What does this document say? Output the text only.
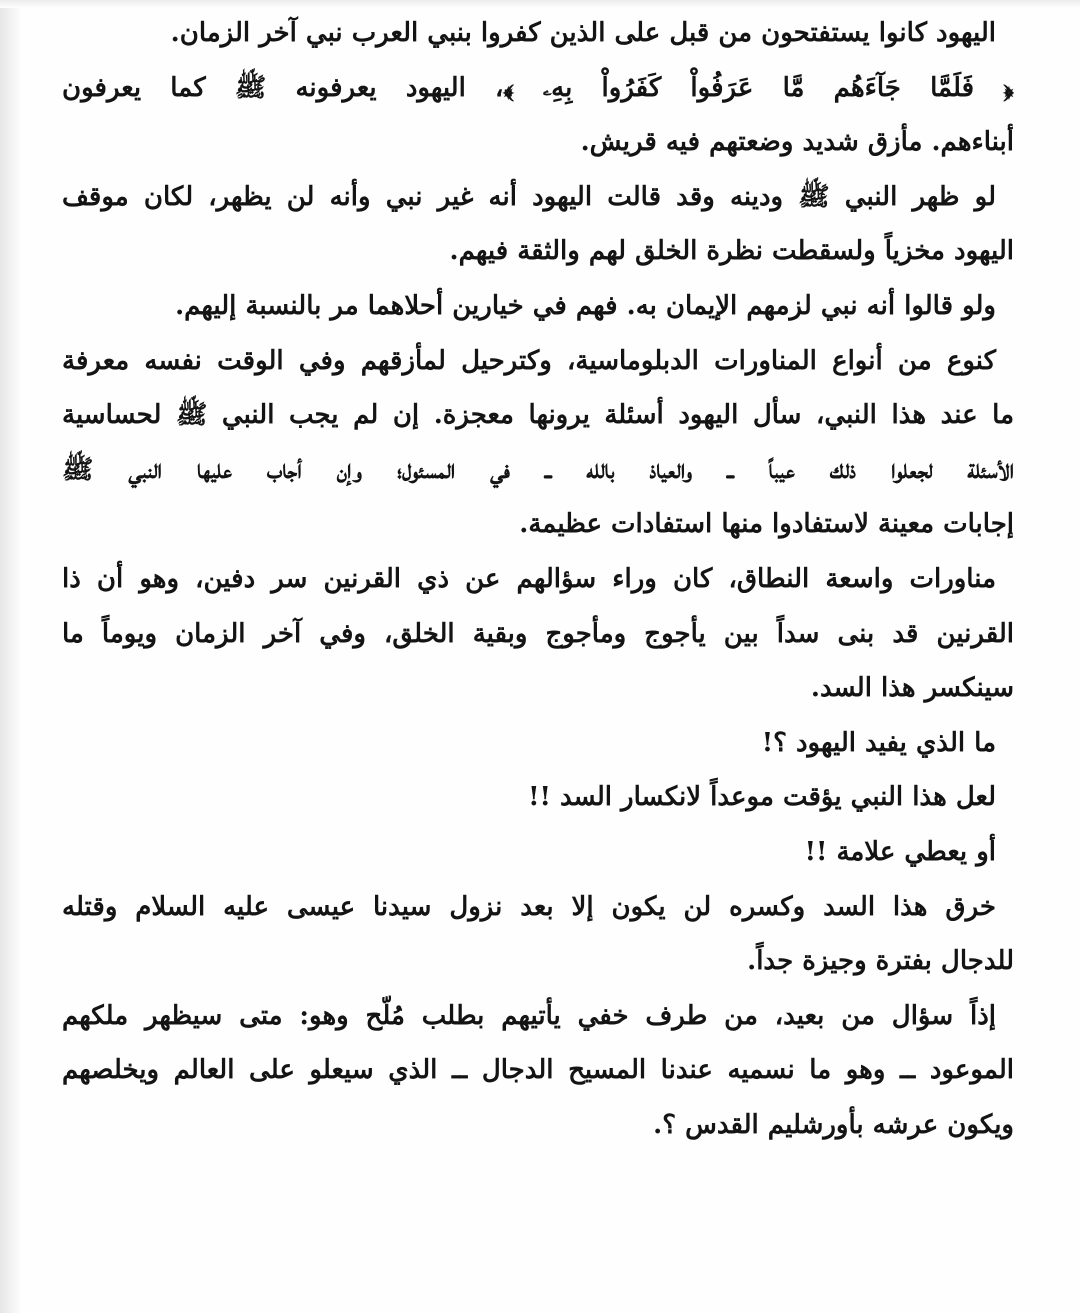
اليهود كانوا يستفتحون من قبل على الذين كفروا بنبي العرب نبي آخر الزمان.
﴿ فَلَمَّا جَآءَهُم مَّا عَرَفُواْ كَفَرُواْ بِهِۦ ﴾، اليهود يعرفونه ﷺ كما يعرفون
أبناءهم. مأزق شديد وضعتهم فيه قريش.
لو ظهر النبي ﷺ ودينه وقد قالت اليهود أنه غير نبي وأنه لن يظهر، لكان موقف
اليهود مخزياً ولسقطت نظرة الخلق لهم والثقة فيهم.
ولو قالوا أنه نبي لزمهم الإيمان به. فهم في خيارين أحلاهما مر بالنسبة إليهم.
كنوع من أنواع المناورات الدبلوماسية، وكترحيل لمأزقهم وفي الوقت نفسه معرفة
ما عند هذا النبي، سأل اليهود أسئلة يرونها معجزة. إن لم يجب النبي ﷺ لحساسية
الأسئلة لجعلوا ذلك عيباً ــ والعياذ بالله ــ في المسئول؛ وإن أجاب عليها النبي ﷺ
إجابات معينة لاستفادوا منها استفادات عظيمة.
مناورات واسعة النطاق، كان وراء سؤالهم عن ذي القرنين سر دفين، وهو أن ذا
القرنين قد بنى سداً بين يأجوج ومأجوج وبقية الخلق، وفي آخر الزمان ويوماً ما
سينكسر هذا السد.
ما الذي يفيد اليهود ؟!
لعل هذا النبي يؤقت موعداً لانكسار السد !!
أو يعطي علامة !!
خرق هذا السد وكسره لن يكون إلا بعد نزول سيدنا عيسى عليه السلام وقتله
للدجال بفترة وجيزة جداً.
إذاً سؤال من بعيد، من طرف خفي يأتيهم بطلب مُلّح وهو: متى سيظهر ملكهم
الموعود ــ وهو ما نسميه عندنا المسيح الدجال ــ الذي سيعلو على العالم ويخلصهم
ويكون عرشه بأورشليم القدس ؟.
